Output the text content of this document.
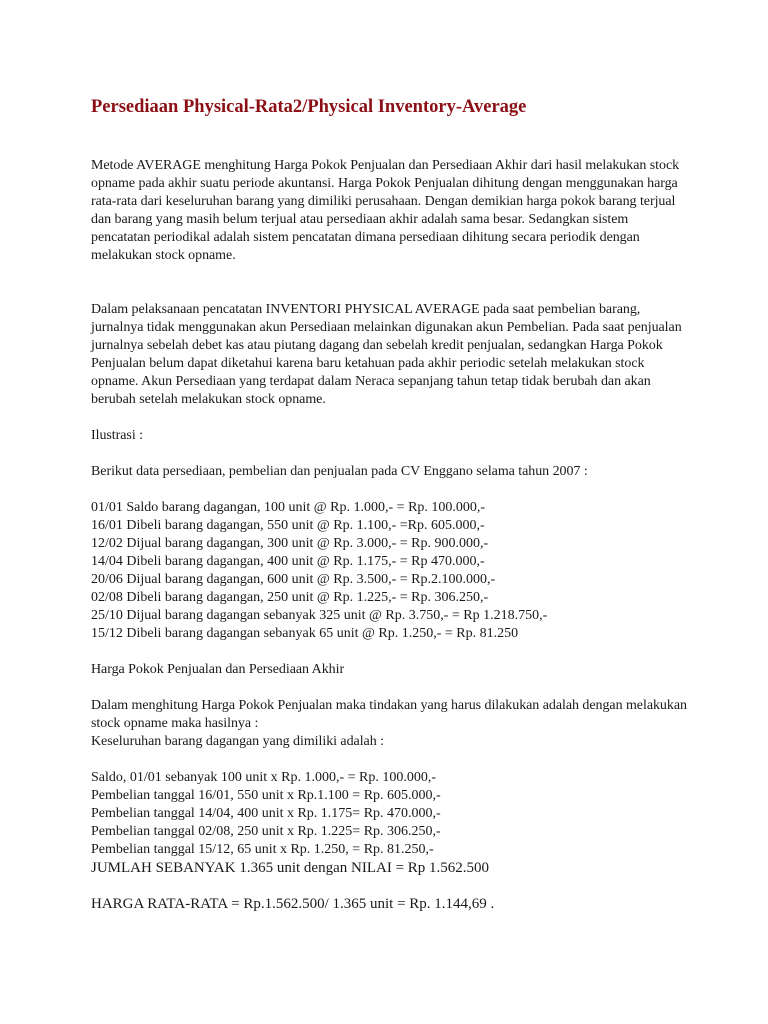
Persediaan Physical-Rata2/Physical Inventory-Average

Metode AVERAGE menghitung Harga Pokok Penjualan dan Persediaan Akhir dari hasil melakukan stock opname pada akhir suatu periode akuntansi. Harga Pokok Penjualan dihitung dengan menggunakan harga rata-rata dari keseluruhan barang yang dimiliki perusahaan. Dengan demikian harga pokok barang terjual dan barang yang masih belum terjual atau persediaan akhir adalah sama besar. Sedangkan sistem pencatatan periodikal adalah sistem pencatatan dimana persediaan dihitung secara periodik dengan melakukan stock opname.

Dalam pelaksanaan pencatatan INVENTORI PHYSICAL AVERAGE pada saat pembelian barang, jurnalnya tidak menggunakan akun Persediaan melainkan digunakan akun Pembelian. Pada saat penjualan jurnalnya sebelah debet kas atau piutang dagang dan sebelah kredit penjualan, sedangkan Harga Pokok Penjualan belum dapat diketahui karena baru ketahuan pada akhir periodic setelah melakukan stock opname. Akun Persediaan yang terdapat dalam Neraca sepanjang tahun tetap tidak berubah dan akan berubah setelah melakukan stock opname.

Ilustrasi :

Berikut data persediaan, pembelian dan penjualan pada CV Enggano selama tahun 2007 :

01/01 Saldo barang dagangan, 100 unit @ Rp. 1.000,- = Rp. 100.000,-
16/01 Dibeli barang dagangan, 550 unit @ Rp. 1.100,- =Rp. 605.000,-
12/02 Dijual barang dagangan, 300 unit @ Rp. 3.000,- = Rp. 900.000,-
14/04 Dibeli barang dagangan, 400 unit @ Rp. 1.175,- = Rp 470.000,-
20/06 Dijual barang dagangan, 600 unit @ Rp. 3.500,- = Rp.2.100.000,-
02/08 Dibeli barang dagangan, 250 unit @ Rp. 1.225,- = Rp. 306.250,-
25/10 Dijual barang dagangan sebanyak 325 unit @ Rp. 3.750,- = Rp 1.218.750,-
15/12 Dibeli barang dagangan sebanyak 65 unit @ Rp. 1.250,- = Rp. 81.250

Harga Pokok Penjualan dan Persediaan Akhir

Dalam menghitung Harga Pokok Penjualan maka tindakan yang harus dilakukan adalah dengan melakukan stock opname maka hasilnya :

Keseluruhan barang dagangan yang dimiliki adalah :

Saldo, 01/01 sebanyak 100 unit x Rp. 1.000,- = Rp. 100.000,-
Pembelian tanggal 16/01, 550 unit x Rp.1.100 = Rp. 605.000,-
Pembelian tanggal 14/04, 400 unit x Rp. 1.175= Rp. 470.000,-
Pembelian tanggal 02/08, 250 unit x Rp. 1.225= Rp. 306.250,-
Pembelian tanggal 15/12, 65 unit x Rp. 1.250, = Rp. 81.250,-
JUMLAH SEBANYAK 1.365 unit dengan NILAI = Rp 1.562.500
HARGA RATA-RATA = Rp.1.562.500/ 1.365 unit = Rp. 1.144,69 .
